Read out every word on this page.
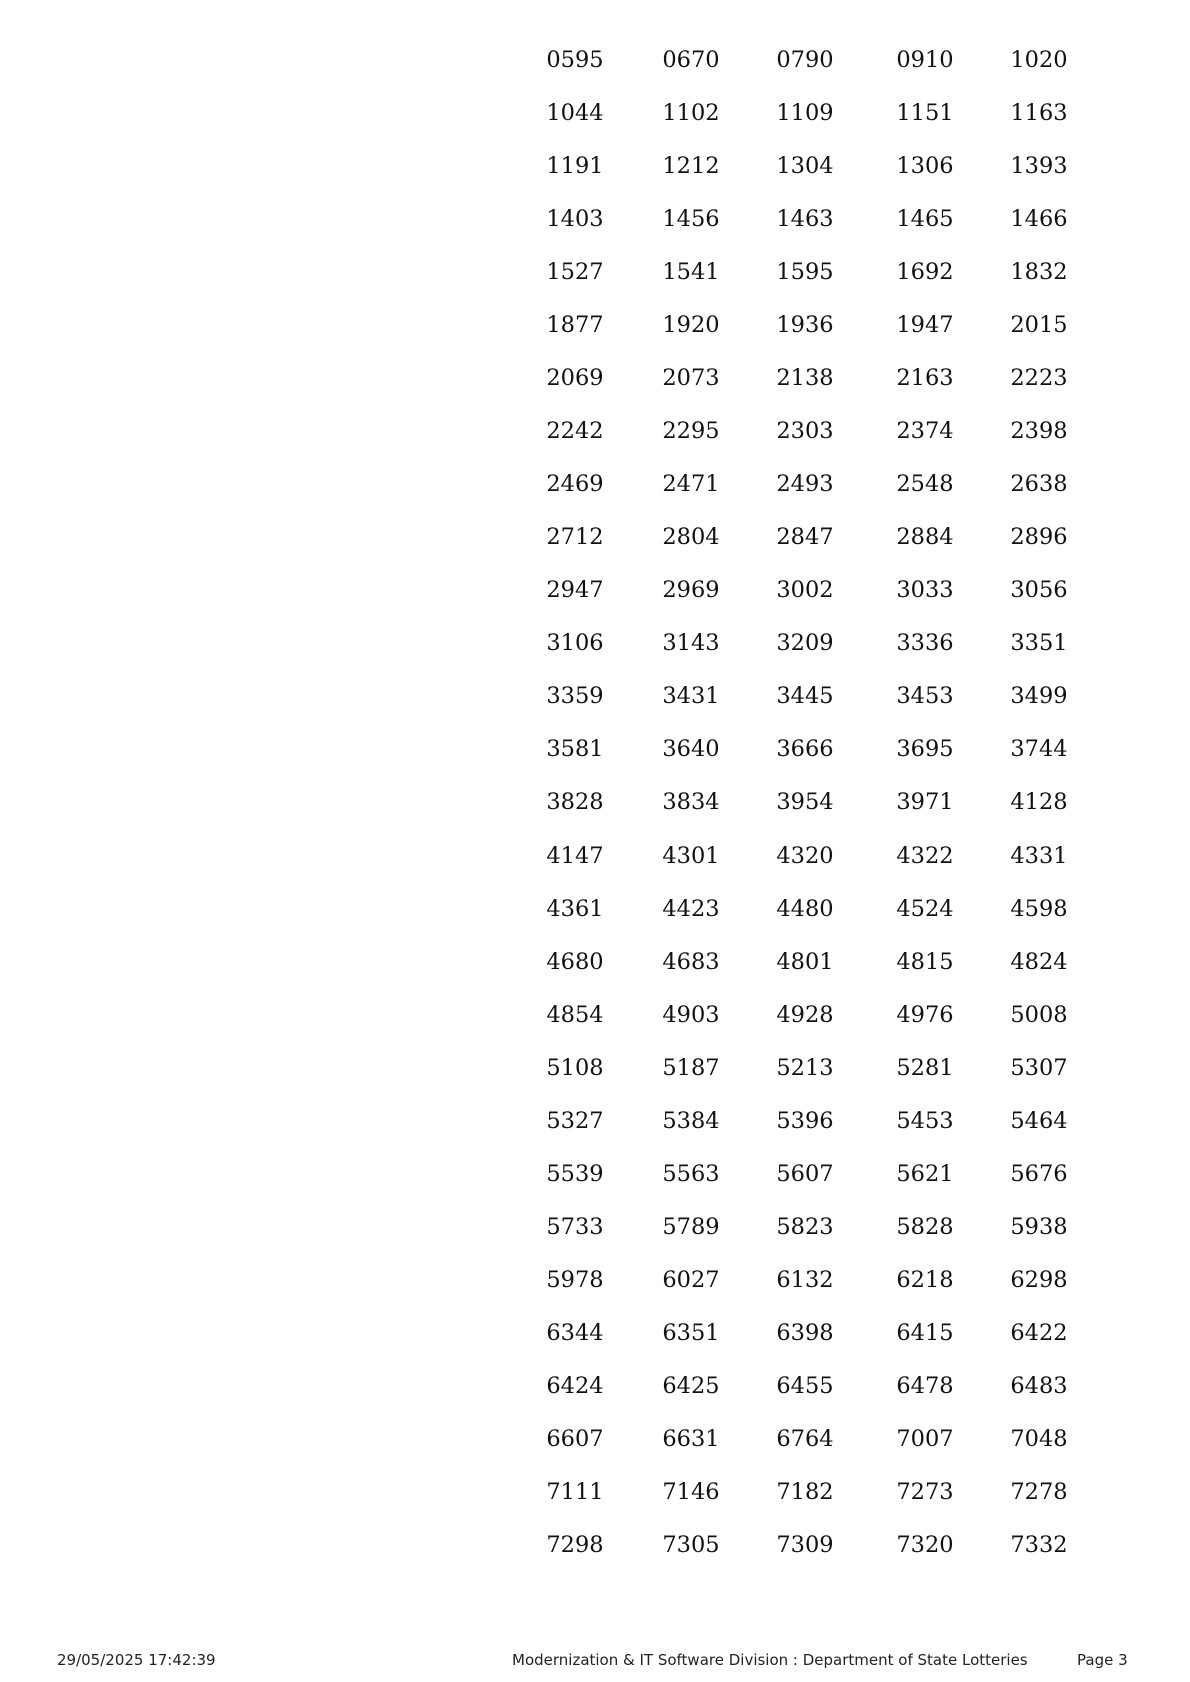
0595	0670	0790	0910	1020
1044	1102	1109	1151	1163
1191	1212	1304	1306	1393
1403	1456	1463	1465	1466
1527	1541	1595	1692	1832
1877	1920	1936	1947	2015
2069	2073	2138	2163	2223
2242	2295	2303	2374	2398
2469	2471	2493	2548	2638
2712	2804	2847	2884	2896
2947	2969	3002	3033	3056
3106	3143	3209	3336	3351
3359	3431	3445	3453	3499
3581	3640	3666	3695	3744
3828	3834	3954	3971	4128
4147	4301	4320	4322	4331
4361	4423	4480	4524	4598
4680	4683	4801	4815	4824
4854	4903	4928	4976	5008
5108	5187	5213	5281	5307
5327	5384	5396	5453	5464
5539	5563	5607	5621	5676
5733	5789	5823	5828	5938
5978	6027	6132	6218	6298
6344	6351	6398	6415	6422
6424	6425	6455	6478	6483
6607	6631	6764	7007	7048
7111	7146	7182	7273	7278
7298	7305	7309	7320	7332
29/05/2025 17:42:39	Modernization & IT Software Division : Department of State Lotteries	Page 3
